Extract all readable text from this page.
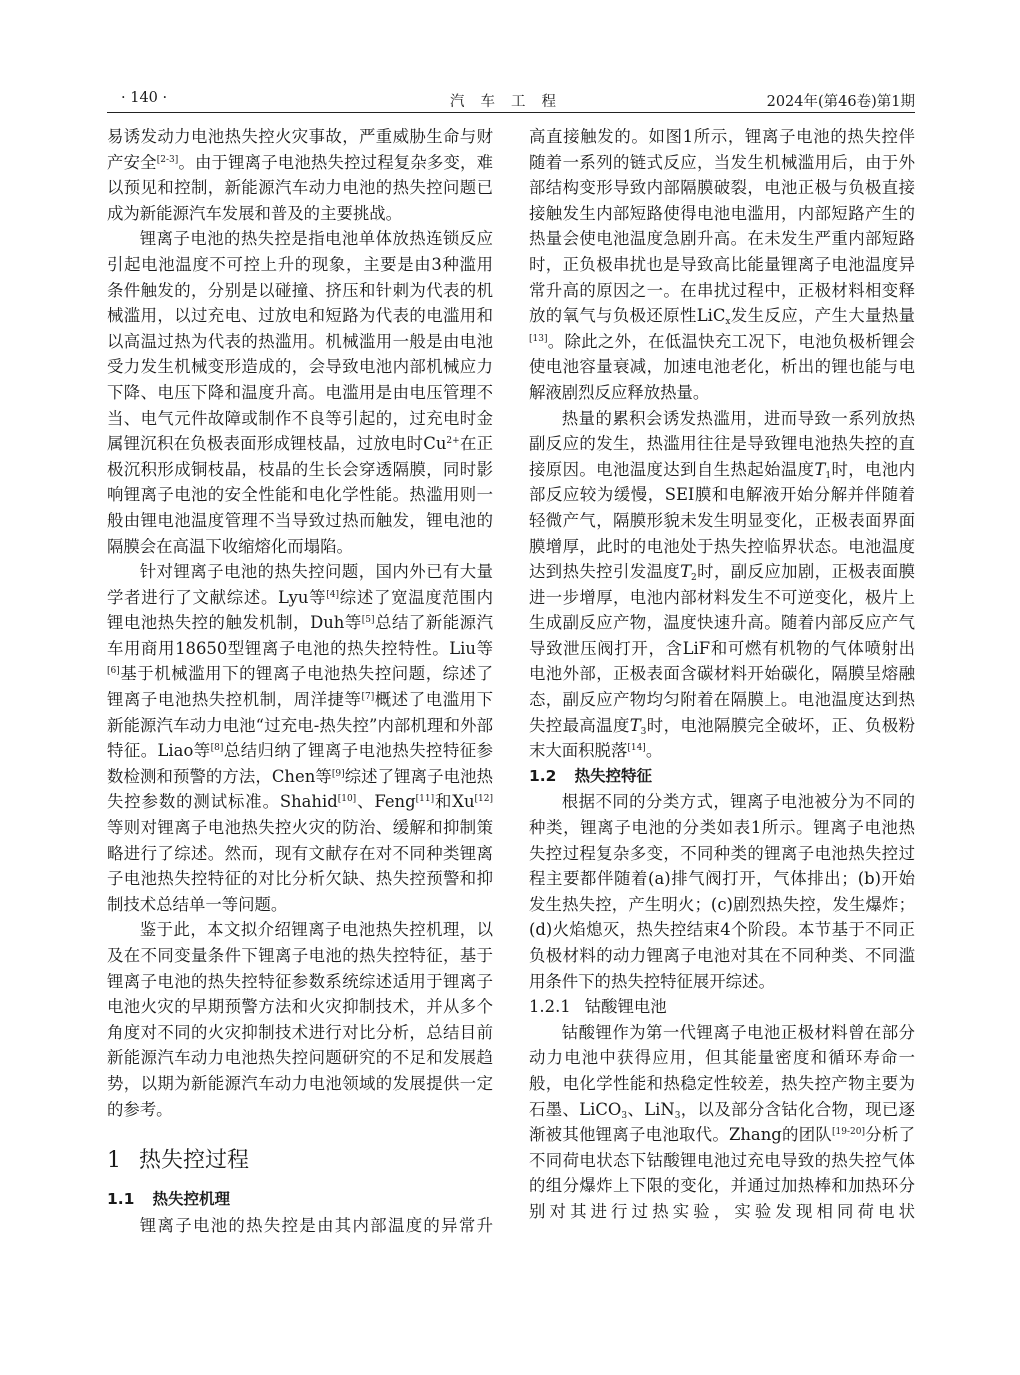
· 140 ·	汽车工程	2024年(第46卷)第1期

易诱发动力电池热失控火灾事故，严重威胁生命与财产安全[2-3]。由于锂离子电池热失控过程复杂多变，难以预见和控制，新能源汽车动力电池的热失控问题已成为新能源汽车发展和普及的主要挑战。

锂离子电池的热失控是指电池单体放热连锁反应引起电池温度不可控上升的现象，主要是由3种滥用条件触发的，分别是以碰撞、挤压和针刺为代表的机械滥用，以过充电、过放电和短路为代表的电滥用和以高温过热为代表的热滥用。机械滥用一般是由电池受力发生机械变形造成的，会导致电池内部机械应力下降、电压下降和温度升高。电滥用是由电压管理不当、电气元件故障或制作不良等引起的，过充电时金属锂沉积在负极表面形成锂枝晶，过放电时$Cu^{2+}$在正极沉积形成铜枝晶，枝晶的生长会穿透隔膜，同时影响锂离子电池的安全性能和电化学性能。热滥用则一般由锂电池温度管理不当导致过热而触发，锂电池的隔膜会在高温下收缩熔化而塌陷。

针对锂离子电池的热失控问题，国内外已有大量学者进行了文献综述。Lyu等[4]综述了宽温度范围内锂电池热失控的触发机制，Duh等[5]总结了新能源汽车用商用18650型锂离子电池的热失控特性。Liu等[6]基于机械滥用下的锂离子电池热失控问题，综述了锂离子电池热失控机制，周洋捷等[7]概述了电滥用下新能源汽车动力电池“过充电-热失控”内部机理和外部特征。Liao等[8]总结归纳了锂离子电池热失控特征参数检测和预警的方法，Chen等[9]综述了锂离子电池热失控参数的测试标准。Shahid[10]、Feng[11]和Xu[12]等则对锂离子电池热失控火灾的防治、缓解和抑制策略进行了综述。然而，现有文献存在对不同种类锂离子电池热失控特征的对比分析欠缺、热失控预警和抑制技术总结单一等问题。

鉴于此，本文拟介绍锂离子电池热失控机理，以及在不同变量条件下锂离子电池的热失控特征，基于锂离子电池的热失控特征参数系统综述适用于锂离子电池火灾的早期预警方法和火灾抑制技术，并从多个角度对不同的火灾抑制技术进行对比分析，总结目前新能源汽车动力电池热失控问题研究的不足和发展趋势，以期为新能源汽车动力电池领域的发展提供一定的参考。

1 热失控过程
1.1 热失控机理

锂离子电池的热失控是由其内部温度的异常升

高直接触发的。如图1所示，锂离子电池的热失控伴随着一系列的链式反应，当发生机械滥用后，由于外部结构变形导致内部隔膜破裂，电池正极与负极直接接触发生内部短路使得电池电滥用，内部短路产生的热量会使电池温度急剧升高。在未发生严重内部短路时，正负极串扰也是导致高比能量锂离子电池温度异常升高的原因之一。在串扰过程中，正极材料相变释放的氧气与负极还原性LiC$_x$发生反应，产生大量热量[13]。除此之外，在低温快充工况下，电池负极析锂会使电池容量衰减，加速电池老化，析出的锂也能与电解液剧烈反应释放热量。

热量的累积会诱发热滥用，进而导致一系列放热副反应的发生，热滥用往往是导致锂电池热失控的直接原因。电池温度达到自生热起始温度$T_1$时，电池内部反应较为缓慢，SEI膜和电解液开始分解并伴随着轻微产气，隔膜形貌未发生明显变化，正极表面界面膜增厚，此时的电池处于热失控临界状态。电池温度达到热失控引发温度$T_2$时，副反应加剧，正极表面膜进一步增厚，电池内部材料发生不可逆变化，极片上生成副反应产物，温度快速升高。随着内部反应产气导致泄压阀打开，含LiF和可燃有机物的气体喷射出电池外部，正极表面含碳材料开始碳化，隔膜呈熔融态，副反应产物均匀附着在隔膜上。电池温度达到热失控最高温度$T_3$时，电池隔膜完全破坏，正、负极粉末大面积脱落[14]。

1.2 热失控特征

根据不同的分类方式，锂离子电池被分为不同的种类，锂离子电池的分类如表1所示。锂离子电池热失控过程复杂多变，不同种类的锂离子电池热失控过程主要都伴随着(a)排气阀打开，气体排出；(b)开始发生热失控，产生明火；(c)剧烈热失控，发生爆炸；(d)火焰熄灭，热失控结束4个阶段。本节基于不同正负极材料的动力锂离子电池对其在不同种类、不同滥用条件下的热失控特征展开综述。

1.2.1 钴酸锂电池

钴酸锂作为第一代锂离子电池正极材料曾在部分动力电池中获得应用，但其能量密度和循环寿命一般，电化学性能和热稳定性较差，热失控产物主要为石墨、LiCO$_3$、LiN$_3$，以及部分含钴化合物，现已逐渐被其他锂离子电池取代。Zhang的团队[19-20]分析了不同荷电状态下钴酸锂电池过充电导致的热失控气体的组分爆炸上下限的变化，并通过加热棒和加热环分别对其进行过热实验，实验发现相同荷电状
